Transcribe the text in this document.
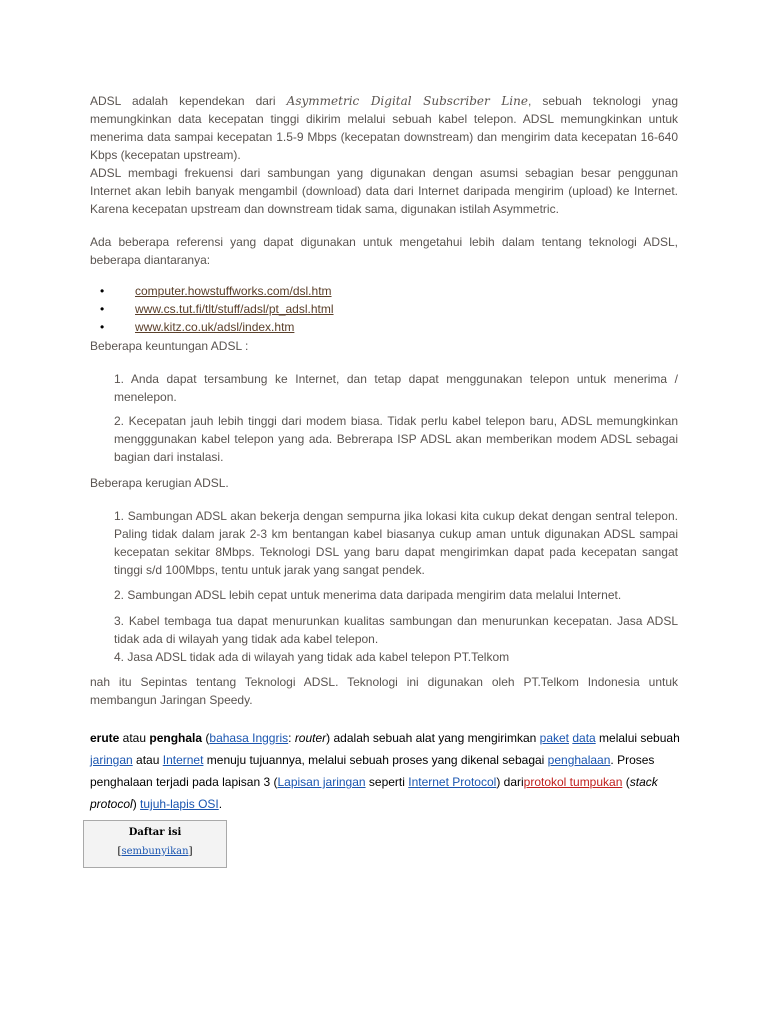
ADSL adalah kependekan dari Asymmetric Digital Subscriber Line, sebuah teknologi ynag memungkinkan data kecepatan tinggi dikirim melalui sebuah kabel telepon. ADSL memungkinkan untuk menerima data sampai kecepatan 1.5-9 Mbps (kecepatan downstream) dan mengirim data kecepatan 16-640 Kbps (kecepatan upstream).

ADSL membagi frekuensi dari sambungan yang digunakan dengan asumsi sebagian besar penggunan Internet akan lebih banyak mengambil (download) data dari Internet daripada mengirim (upload) ke Internet. Karena kecepatan upstream dan downstream tidak sama, digunakan istilah Asymmetric.

Ada beberapa referensi yang dapat digunakan untuk mengetahui lebih dalam tentang teknologi ADSL, beberapa diantaranya:

•	computer.howstuffworks.com/dsl.htm
•	www.cs.tut.fi/tlt/stuff/adsl/pt_adsl.html
•	www.kitz.co.uk/adsl/index.htm

Beberapa keuntungan ADSL :

1. Anda dapat tersambung ke Internet, dan tetap dapat menggunakan telepon untuk menerima / menelepon.

2. Kecepatan jauh lebih tinggi dari modem biasa. Tidak perlu kabel telepon baru, ADSL memungkinkan mengggunakan kabel telepon yang ada. Bebrerapa ISP ADSL akan memberikan modem ADSL sebagai bagian dari instalasi.

Beberapa kerugian ADSL.

1. Sambungan ADSL akan bekerja dengan sempurna jika lokasi kita cukup dekat dengan sentral telepon. Paling tidak dalam jarak 2-3 km bentangan kabel biasanya cukup aman untuk digunakan ADSL sampai kecepatan sekitar 8Mbps. Teknologi DSL yang baru dapat mengirimkan dapat pada kecepatan sangat tinggi s/d 100Mbps, tentu untuk jarak yang sangat pendek.

2. Sambungan ADSL lebih cepat untuk menerima data daripada mengirim data melalui Internet.

3. Kabel tembaga tua dapat menurunkan kualitas sambungan dan menurunkan kecepatan. Jasa ADSL tidak ada di wilayah yang tidak ada kabel telepon.

4. Jasa ADSL tidak ada di wilayah yang tidak ada kabel telepon PT.Telkom

nah itu Sepintas tentang Teknologi ADSL. Teknologi ini digunakan oleh PT.Telkom Indonesia untuk membangun Jaringan Speedy.

erute atau penghala (bahasa Inggris: router) adalah sebuah alat yang mengirimkan paket data melalui sebuah jaringan atau Internet menuju tujuannya, melalui sebuah proses yang dikenal sebagai penghalaan. Proses penghalaan terjadi pada lapisan 3 (Lapisan jaringan seperti Internet Protocol) dariprotokol tumpukan (stack protocol) tujuh-lapis OSI.
Daftar isi
[sembunyikan]
